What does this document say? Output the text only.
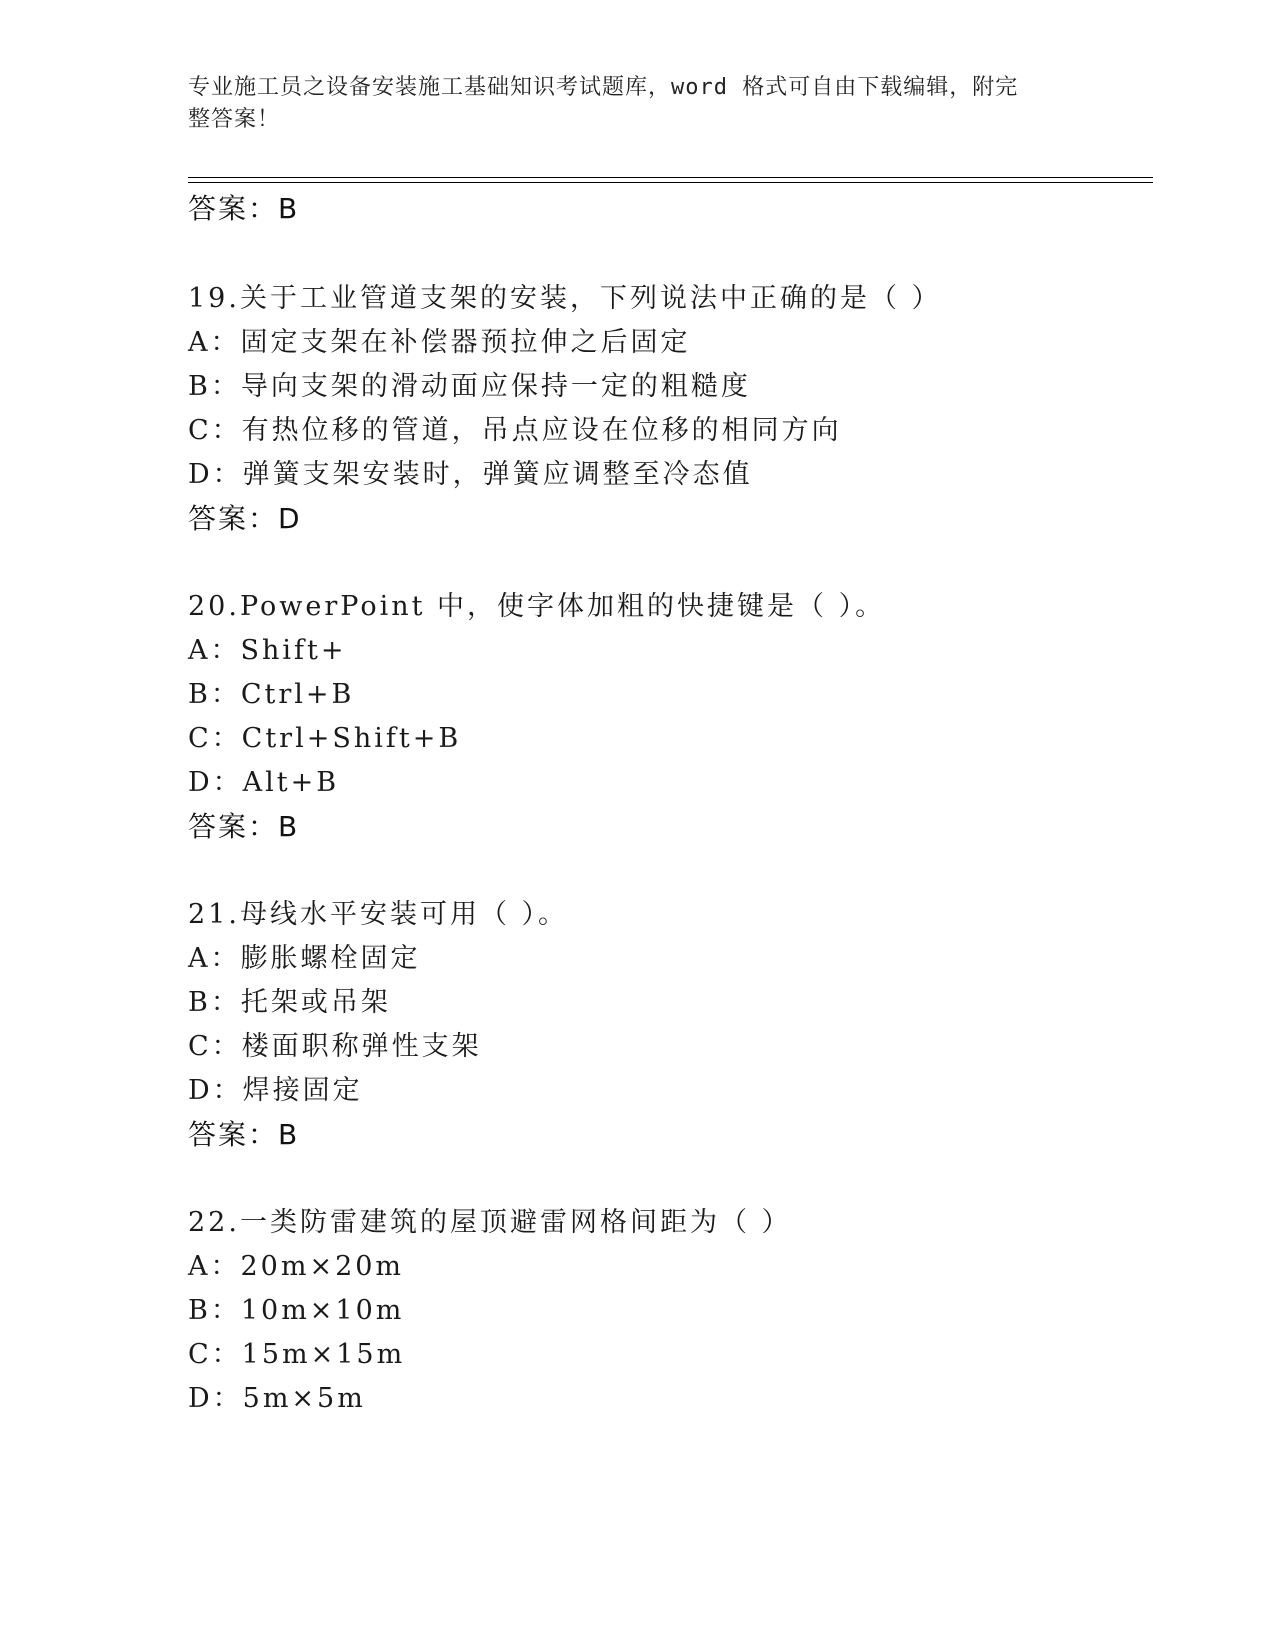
专业施工员之设备安装施工基础知识考试题库，word 格式可自由下载编辑，附完
整答案！
答案：B
19.关于工业管道支架的安装，下列说法中正确的是（ ）
A：固定支架在补偿器预拉伸之后固定
B：导向支架的滑动面应保持一定的粗糙度
C：有热位移的管道，吊点应设在位移的相同方向
D：弹簧支架安装时，弹簧应调整至冷态值
答案：D
20.PowerPoint 中，使字体加粗的快捷键是（ ）。
A：Shift+
B：Ctrl+B
C：Ctrl+Shift+B
D：Alt+B
答案：B
21.母线水平安装可用（ ）。
A：膨胀螺栓固定
B：托架或吊架
C：楼面职称弹性支架
D：焊接固定
答案：B
22.一类防雷建筑的屋顶避雷网格间距为（ ）
A：20m×20m
B：10m×10m
C：15m×15m
D：5m×5m
